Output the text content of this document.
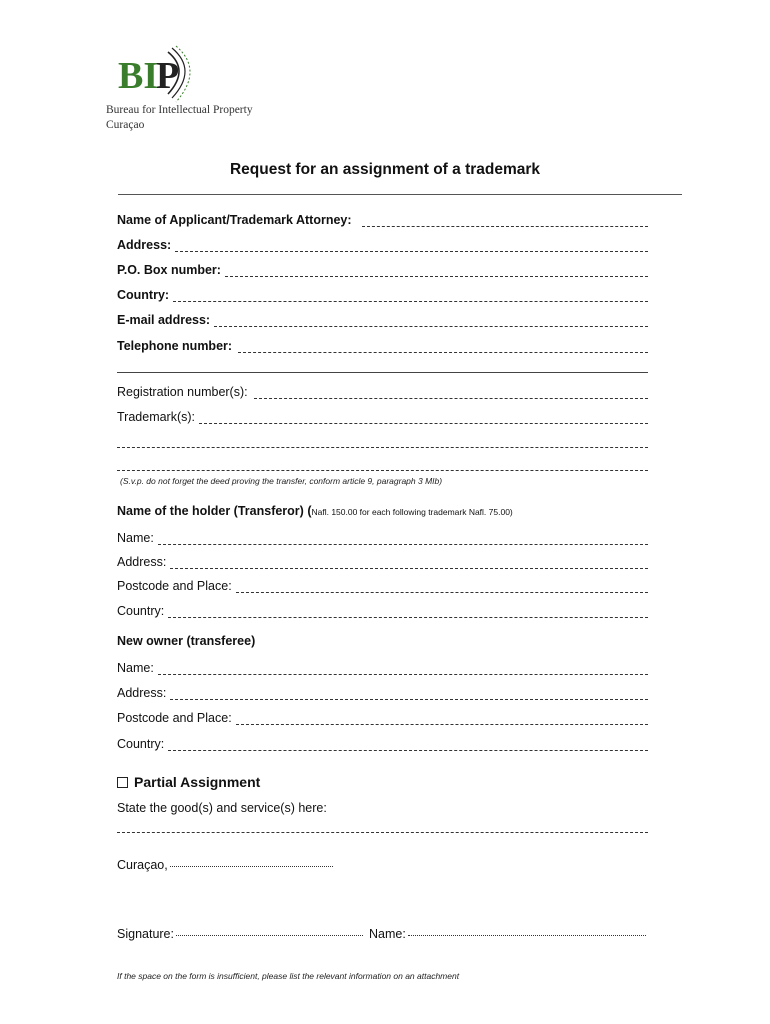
BI
P
Bureau for Intellectual Property
Curaçao
Request for an assignment of a trademark
Name of Applicant/Trademark Attorney:
Address:
P.O. Box number:
Country:
E-mail address:
Telephone number:
Registration number(s):
Trademark(s):
(S.v.p. do not forget the deed proving the transfer, conform article 9, paragraph 3 MIb)
Name of the holder (Transferor) (Nafl. 150.00 for each following trademark Nafl. 75.00)
Name:
Address:
Postcode and Place:
Country:
New owner (transferee)
Name:
Address:
Postcode and Place:
Country:
Partial Assignment
State the good(s) and service(s) here:
Curaçao,
Signature:	Name:
If the space on the form is insufficient, please list the relevant information on an attachment
